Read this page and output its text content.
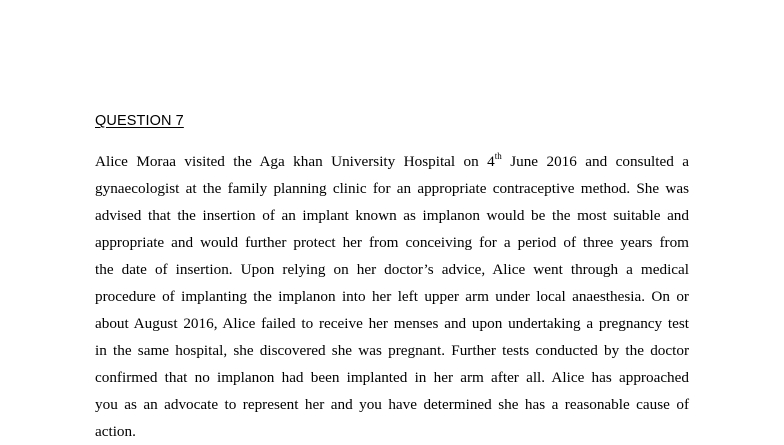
QUESTION 7
Alice Moraa visited the Aga khan University Hospital on 4th June 2016 and consulted a
gynaecologist at the family planning clinic for an appropriate contraceptive method. She was
advised that the insertion of an implant known as implanon would be the most suitable and
appropriate and would further protect her from conceiving for a period of three years from
the date of insertion. Upon relying on her doctor’s advice, Alice went through a medical
procedure of implanting the implanon into her left upper arm under local anaesthesia. On or
about August 2016, Alice failed to receive her menses and upon undertaking a pregnancy test
in the same hospital, she discovered she was pregnant. Further tests conducted by the doctor
confirmed that no implanon had been implanted in her arm after all. Alice has approached
you as an advocate to represent her and you have determined she has a reasonable cause of
action.
